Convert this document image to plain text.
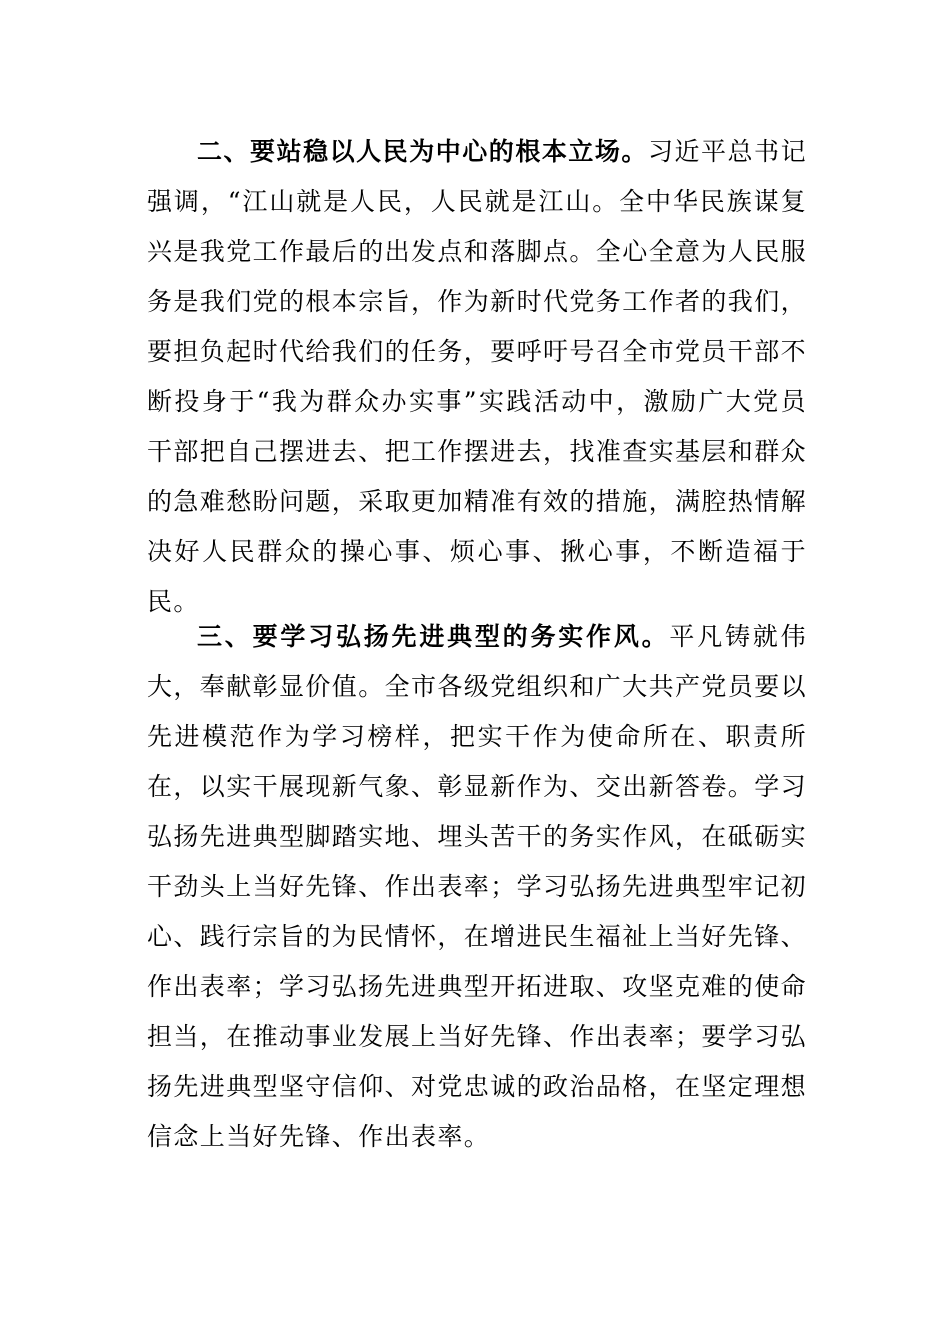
二、要站稳以人民为中心的根本立场。习近平总书记强调，“江山就是人民，人民就是江山。全中华民族谋复兴是我党工作最后的出发点和落脚点。全心全意为人民服务是我们党的根本宗旨，作为新时代党务工作者的我们，要担负起时代给我们的任务，要呼吁号召全市党员干部不断投身于“我为群众办实事”实践活动中，激励广大党员干部把自己摆进去、把工作摆进去，找准查实基层和群众的急难愁盼问题，采取更加精准有效的措施，满腔热情解决好人民群众的操心事、烦心事、揪心事，不断造福于民。

三、要学习弘扬先进典型的务实作风。平凡铸就伟大，奉献彰显价值。全市各级党组织和广大共产党员要以先进模范作为学习榜样，把实干作为使命所在、职责所在，以实干展现新气象、彰显新作为、交出新答卷。学习弘扬先进典型脚踏实地、埋头苦干的务实作风，在砥砺实干劲头上当好先锋、作出表率；学习弘扬先进典型牢记初心、践行宗旨的为民情怀，在增进民生福祉上当好先锋、作出表率；学习弘扬先进典型开拓进取、攻坚克难的使命担当，在推动事业发展上当好先锋、作出表率；要学习弘扬先进典型坚守信仰、对党忠诚的政治品格，在坚定理想信念上当好先锋、作出表率。
